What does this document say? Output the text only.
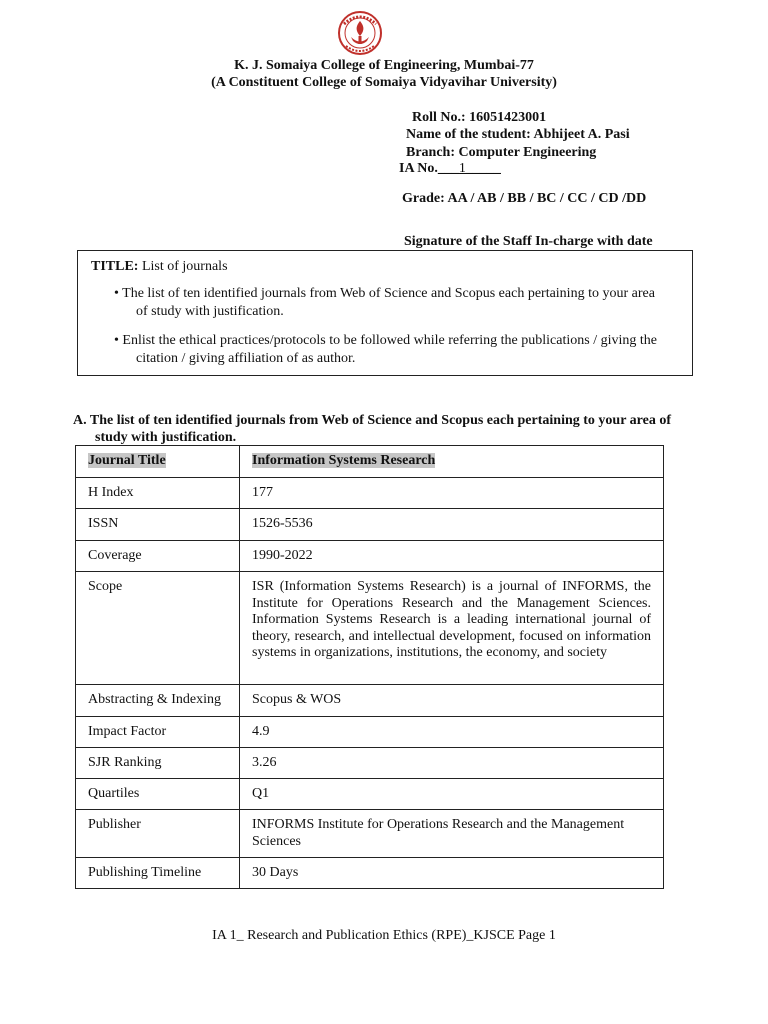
K. J. Somaiya College of Engineering, Mumbai-77
(A Constituent College of Somaiya Vidyavihar University)
Roll No.: 16051423001
Name of the student: Abhijeet A. Pasi
Branch: Computer Engineering
IA No.___1_____
Grade: AA / AB / BB / BC / CC / CD /DD
Signature of the Staff In-charge with date
TITLE: List of journals
• The list of ten identified journals from Web of Science and Scopus each pertaining to your area
of study with justification.
• Enlist the ethical practices/protocols to be followed while referring the publications / giving the
citation / giving affiliation of as author.
A. The list of ten identified journals from Web of Science and Scopus each pertaining to your area of
study with justification.
Journal Title	Information Systems Research
H Index	177
ISSN	1526-5536
Coverage	1990-2022
Scope	ISR (Information Systems Research) is a journal of INFORMS, the Institute for Operations Research and the Management Sciences. Information Systems Research is a leading international journal of theory, research, and intellectual development, focused on information systems in organizations, institutions, the economy, and society
Abstracting & Indexing	Scopus & WOS
Impact Factor	4.9
SJR Ranking	3.26
Quartiles	Q1
Publisher	INFORMS Institute for Operations Research and the Management Sciences
Publishing Timeline	30 Days
IA 1_ Research and Publication Ethics (RPE)_KJSCE Page 1
